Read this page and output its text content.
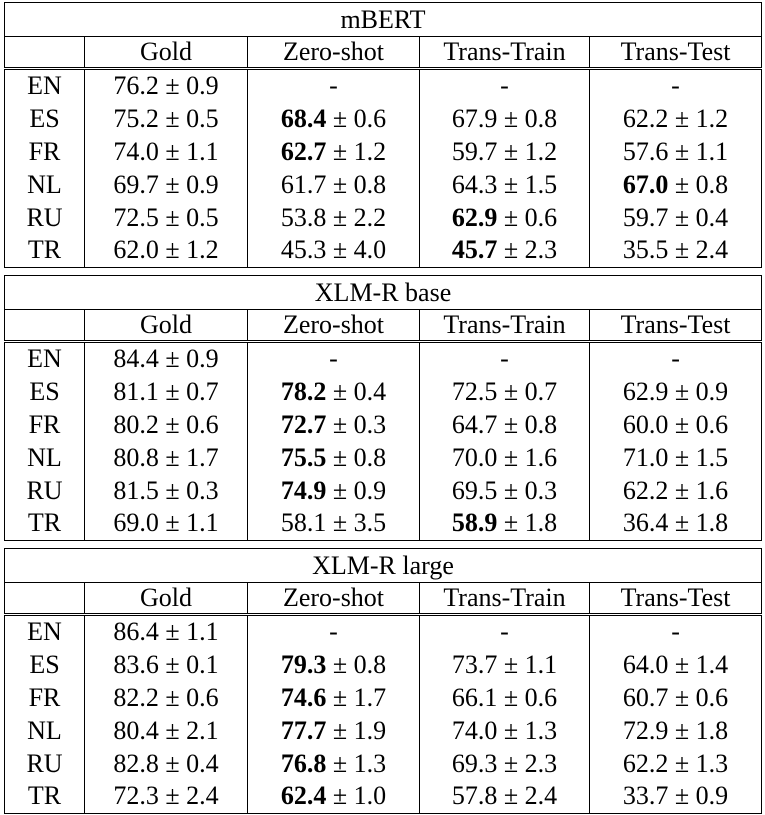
mBERT				
	Gold	Zero-shot	Trans-Train	Trans-Test
EN	76.2 ± 0.9	-	-	-
ES	75.2 ± 0.5	68.4 ± 0.6	67.9 ± 0.8	62.2 ± 1.2
FR	74.0 ± 1.1	62.7 ± 1.2	59.7 ± 1.2	57.6 ± 1.1
NL	69.7 ± 0.9	61.7 ± 0.8	64.3 ± 1.5	67.0 ± 0.8
RU	72.5 ± 0.5	53.8 ± 2.2	62.9 ± 0.6	59.7 ± 0.4
TR	62.0 ± 1.2	45.3 ± 4.0	45.7 ± 2.3	35.5 ± 2.4
XLM-R base				
	Gold	Zero-shot	Trans-Train	Trans-Test
EN	84.4 ± 0.9	-	-	-
ES	81.1 ± 0.7	78.2 ± 0.4	72.5 ± 0.7	62.9 ± 0.9
FR	80.2 ± 0.6	72.7 ± 0.3	64.7 ± 0.8	60.0 ± 0.6
NL	80.8 ± 1.7	75.5 ± 0.8	70.0 ± 1.6	71.0 ± 1.5
RU	81.5 ± 0.3	74.9 ± 0.9	69.5 ± 0.3	62.2 ± 1.6
TR	69.0 ± 1.1	58.1 ± 3.5	58.9 ± 1.8	36.4 ± 1.8
XLM-R large				
	Gold	Zero-shot	Trans-Train	Trans-Test
EN	86.4 ± 1.1	-	-	-
ES	83.6 ± 0.1	79.3 ± 0.8	73.7 ± 1.1	64.0 ± 1.4
FR	82.2 ± 0.6	74.6 ± 1.7	66.1 ± 0.6	60.7 ± 0.6
NL	80.4 ± 2.1	77.7 ± 1.9	74.0 ± 1.3	72.9 ± 1.8
RU	82.8 ± 0.4	76.8 ± 1.3	69.3 ± 2.3	62.2 ± 1.3
TR	72.3 ± 2.4	62.4 ± 1.0	57.8 ± 2.4	33.7 ± 0.9
